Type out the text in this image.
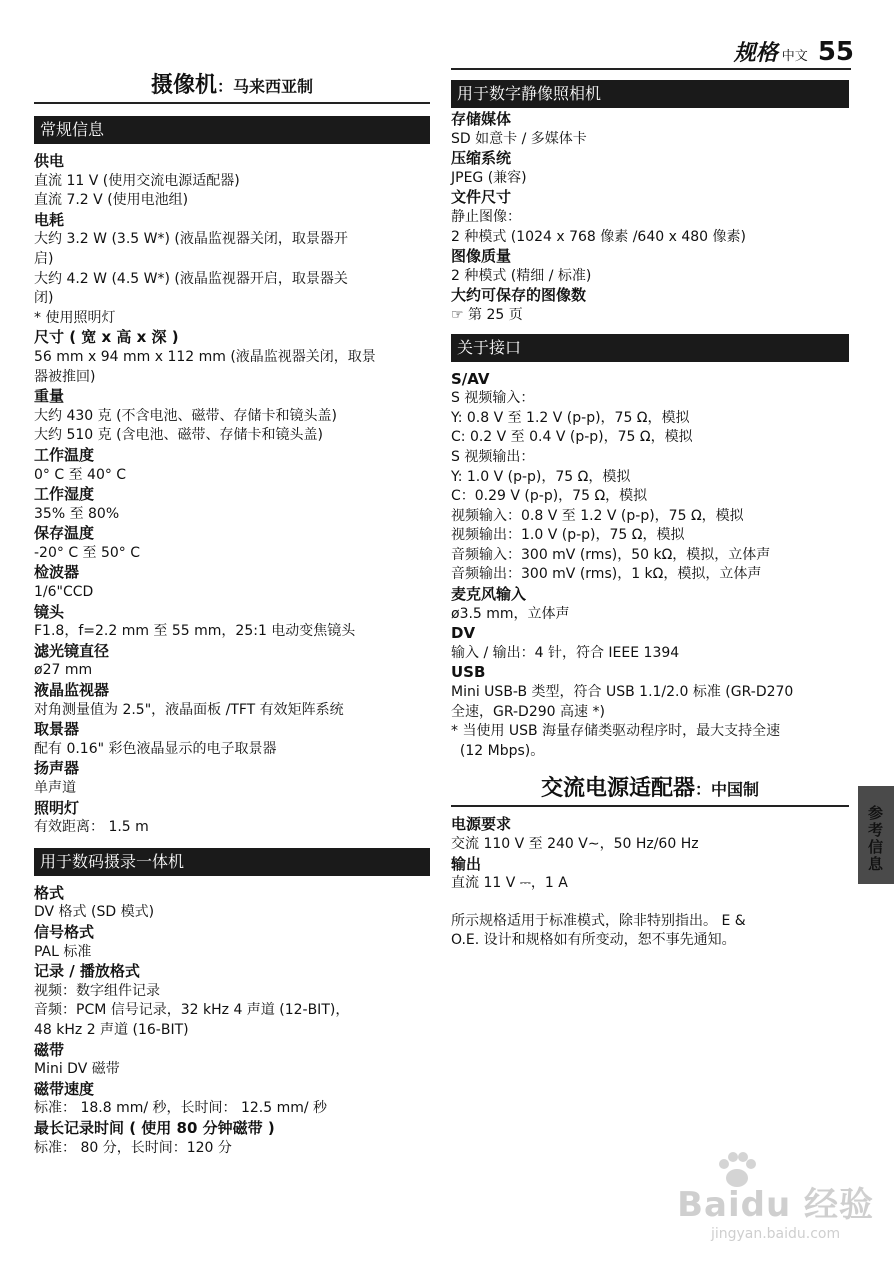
规格 中文 55
摄像机：马来西亚制
常规信息
供电
直流 11 V (使用交流电源适配器)
直流 7.2 V (使用电池组)
电耗
大约 3.2 W (3.5 W*) (液晶监视器关闭，取景器开
启)
大约 4.2 W (4.5 W*) (液晶监视器开启，取景器关
闭)
* 使用照明灯
尺寸 ( 宽 x 高 x 深 )
56 mm x 94 mm x 112 mm (液晶监视器关闭，取景
器被推回)
重量
大约 430 克 (不含电池、磁带、存储卡和镜头盖)
大约 510 克 (含电池、磁带、存储卡和镜头盖)
工作温度
0° C 至 40° C
工作湿度
35% 至 80%
保存温度
-20° C 至 50° C
检波器
1/6"CCD
镜头
F1.8，f=2.2 mm 至 55 mm，25:1 电动变焦镜头
滤光镜直径
ø27 mm
液晶监视器
对角测量值为 2.5"，液晶面板 /TFT 有效矩阵系统
取景器
配有 0.16" 彩色液晶显示的电子取景器
扬声器
单声道
照明灯
有效距离： 1.5 m
用于数码摄录一体机
格式
DV 格式 (SD 模式)
信号格式
PAL 标准
记录 / 播放格式
视频：数字组件记录
音频：PCM 信号记录，32 kHz 4 声道 (12-BIT)，
48 kHz 2 声道 (16-BIT)
磁带
Mini DV 磁带
磁带速度
标准： 18.8 mm/ 秒，长时间： 12.5 mm/ 秒
最长记录时间 ( 使用 80 分钟磁带 )
标准： 80 分，长时间：120 分
用于数字静像照相机
存储媒体
SD 如意卡 / 多媒体卡
压缩系统
JPEG (兼容)
文件尺寸
静止图像：
2 种模式 (1024 x 768 像素 /640 x 480 像素)
图像质量
2 种模式 (精细 / 标准)
大约可保存的图像数
☞ 第 25 页
关于接口
S/AV
S 视频输入：
Y: 0.8 V 至 1.2 V (p-p)，75 Ω，模拟
C: 0.2 V 至 0.4 V (p-p)，75 Ω，模拟
S 视频输出：
Y: 1.0 V (p-p)，75 Ω，模拟
C：0.29 V (p-p)，75 Ω，模拟
视频输入：0.8 V 至 1.2 V (p-p)，75 Ω，模拟
视频输出：1.0 V (p-p)，75 Ω，模拟
音频输入：300 mV (rms)，50 kΩ，模拟，立体声
音频输出：300 mV (rms)，1 kΩ，模拟，立体声
麦克风输入
ø3.5 mm，立体声
DV
输入 / 输出：4 针，符合 IEEE 1394
USB
Mini USB-B 类型，符合 USB 1.1/2.0 标准 (GR-D270
全速，GR-D290 高速 *)
* 当使用 USB 海量存储类驱动程序时，最大支持全速
(12 Mbps)。
交流电源适配器：中国制
电源要求
交流 110 V 至 240 V∼，50 Hz/60 Hz
输出
直流 11 V ⎓，1 A
所示规格适用于标准模式，除非特别指出。 E &
O.E. 设计和规格如有所变动，恕不事先通知。
参考信息
Baidu 经验
jingyan.baidu.com
